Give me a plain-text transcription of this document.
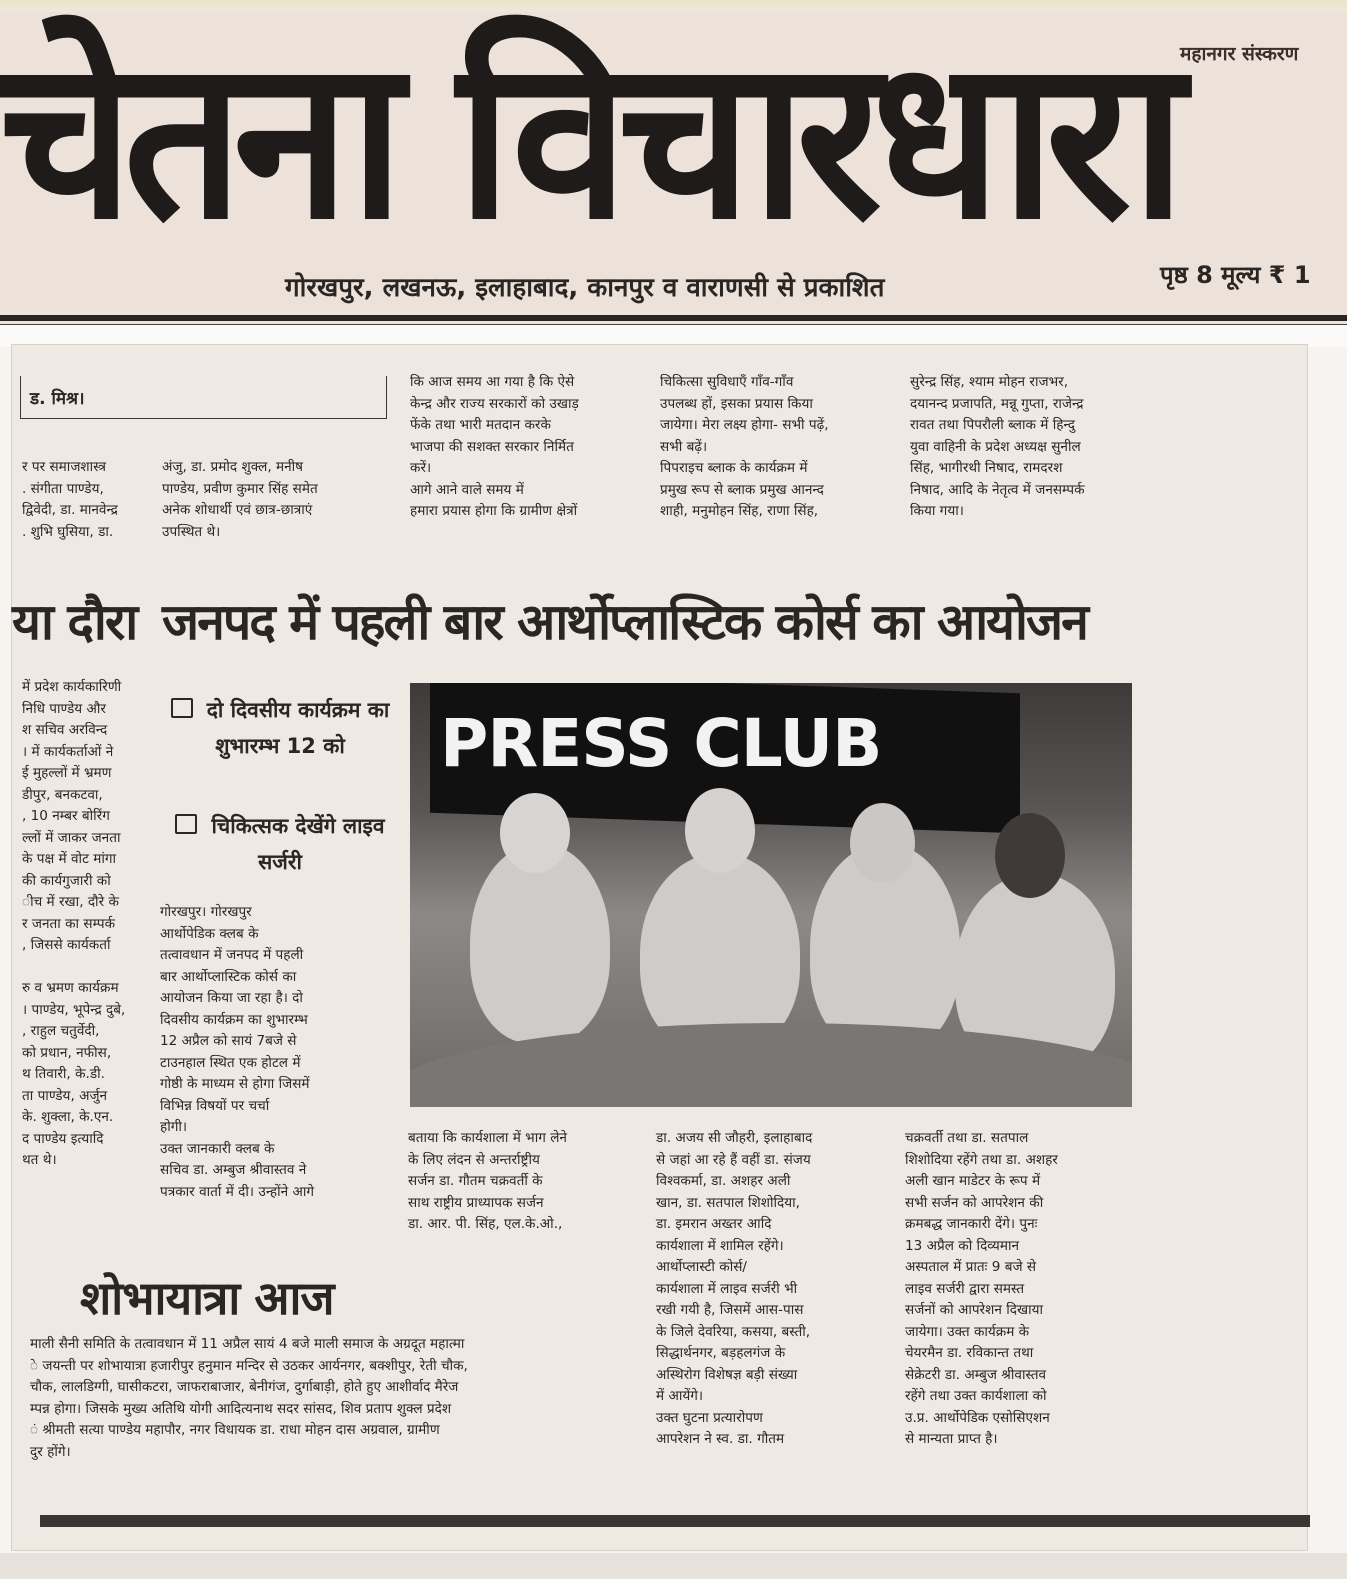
चेतना विचारधारा महानगर संस्करण
गोरखपुर, लखनऊ, इलाहाबाद, कानपुर व वाराणसी से प्रकाशित	पृष्ठ 8 मूल्य ₹ 1
ड. मिश्र।

र पर समाजशास्त्र

. संगीता पाण्डेय,

द्विवेदी, डा. मानवेन्द्र

. शुभि घुसिया, डा.

अंजु, डा. प्रमोद शुक्ल, मनीष

पाण्डेय, प्रवीण कुमार सिंह समेत

अनेक शोधार्थी एवं छात्र-छात्राएं

उपस्थित थे।

कि आज समय आ गया है कि ऐसे

केन्द्र और राज्य सरकारों को उखाड़

फेंके तथा भारी मतदान करके

भाजपा की सशक्त सरकार निर्मित

करें।

आगे आने वाले समय में

हमारा प्रयास होगा कि ग्रामीण क्षेत्रों

चिकित्सा सुविधाएँ गाँव-गाँव

उपलब्ध हों, इसका प्रयास किया

जायेगा। मेरा लक्ष्य होगा- सभी पढ़ें,

सभी बढ़ें।

पिपराइच ब्लाक के कार्यक्रम में

प्रमुख रूप से ब्लाक प्रमुख आनन्द

शाही, मनुमोहन सिंह, राणा सिंह,

सुरेन्द्र सिंह, श्याम मोहन राजभर,

दयानन्द प्रजापति, मन्नू गुप्ता, राजेन्द्र

रावत तथा पिपरौली ब्लाक में हिन्दु

युवा वाहिनी के प्रदेश अध्यक्ष सुनील

सिंह, भागीरथी निषाद, रामदरश

निषाद, आदि के नेतृत्व में जनसम्पर्क

किया गया।

या दौरा जनपद में पहली बार आर्थोप्लास्टिक कोर्स का आयोजन

में प्रदेश कार्यकारिणी

निधि पाण्डेय और

श सचिव अरविन्द

। में कार्यकर्ताओं ने

ई मुहल्लों में भ्रमण

डीपुर, बनकटवा,

, 10 नम्बर बोरिंग

ल्लों में जाकर जनता

के पक्ष में वोट मांगा

की कार्यगुजारी को

ीच में रखा, दौरे के

र जनता का सम्पर्क

, जिससे कार्यकर्ता

रु व भ्रमण कार्यक्रम

। पाण्डेय, भूपेन्द्र दुबे,

, राहुल चतुर्वेदी,

को प्रधान, नफीस,

थ तिवारी, के.डी.

ता पाण्डेय, अर्जुन

के. शुक्ला, के.एन.

द पाण्डेय इत्यादि

थत थे।

दो दिवसीय कार्यक्रम का शुभारम्भ 12 को
चिकित्सक देखेंगे लाइव सर्जरी

गोरखपुर। गोरखपुर

आर्थोपेडिक क्लब के

तत्वावधान में जनपद में पहली

बार आर्थोप्लास्टिक कोर्स का

आयोजन किया जा रहा है। दो

दिवसीय कार्यक्रम का शुभारम्भ

12 अप्रैल को सायं 7बजे से

टाउनहाल स्थित एक होटल में

गोष्ठी के माध्यम से होगा जिसमें

विभिन्न विषयों पर चर्चा

होगी।

उक्त जानकारी क्लब के

सचिव डा. अम्बुज श्रीवास्तव ने

पत्रकार वार्ता में दी। उन्होंने आगे

बताया कि कार्यशाला में भाग लेने

के लिए लंदन से अन्तर्राष्ट्रीय

सर्जन डा. गौतम चक्रवर्ती के

साथ राष्ट्रीय प्राध्यापक सर्जन

डा. आर. पी. सिंह, एल.के.ओ.,

डा. अजय सी जौहरी, इलाहाबाद

से जहां आ रहे हैं वहीं डा. संजय

विश्वकर्मा, डा. अशहर अली

खान, डा. सतपाल शिशोदिया,

डा. इमरान अख्तर आदि

कार्यशाला में शामिल रहेंगे।

आर्थोप्लास्टी कोर्स/

कार्यशाला में लाइव सर्जरी भी

रखी गयी है, जिसमें आस-पास

के जिले देवरिया, कसया, बस्ती,

सिद्धार्थनगर, बड़हलगंज के

अस्थिरोग विशेषज्ञ बड़ी संख्या

में आयेंगे।

उक्त घुटना प्रत्यारोपण

आपरेशन ने स्व. डा. गौतम

चक्रवर्ती तथा डा. सतपाल

शिशोदिया रहेंगे तथा डा. अशहर

अली खान माडेटर के रूप में

सभी सर्जन को आपरेशन की

क्रमबद्ध जानकारी देंगे। पुनः

13 अप्रैल को दिव्यमान

अस्पताल में प्रातः 9 बजे से

लाइव सर्जरी द्वारा समस्त

सर्जनों को आपरेशन दिखाया

जायेगा। उक्त कार्यक्रम के

चेयरमैन डा. रविकान्त तथा

सेक्रेटरी डा. अम्बुज श्रीवास्तव

रहेंगे तथा उक्त कार्यशाला को

उ.प्र. आर्थोपेडिक एसोसिएशन

से मान्यता प्राप्त है।

PRESS CLUB
शोभायात्रा आज

माली सैनी समिति के तत्वावधान में 11 अप्रैल सायं 4 बजे माली समाज के अग्रदूत महात्मा

े जयन्ती पर शोभायात्रा हजारीपुर हनुमान मन्दिर से उठकर आर्यनगर, बक्शीपुर, रेती चौक,

चौक, लालडिग्गी, घासीकटरा, जाफराबाजार, बेनीगंज, दुर्गाबाड़ी, होते हुए आशीर्वाद मैरेज

म्पन्न होगा। जिसके मुख्य अतिथि योगी आदित्यनाथ सदर सांसद, शिव प्रताप शुक्ल प्रदेश

ं श्रीमती सत्या पाण्डेय महापौर, नगर विधायक डा. राधा मोहन दास अग्रवाल, ग्रामीण

दुर होंगे।
